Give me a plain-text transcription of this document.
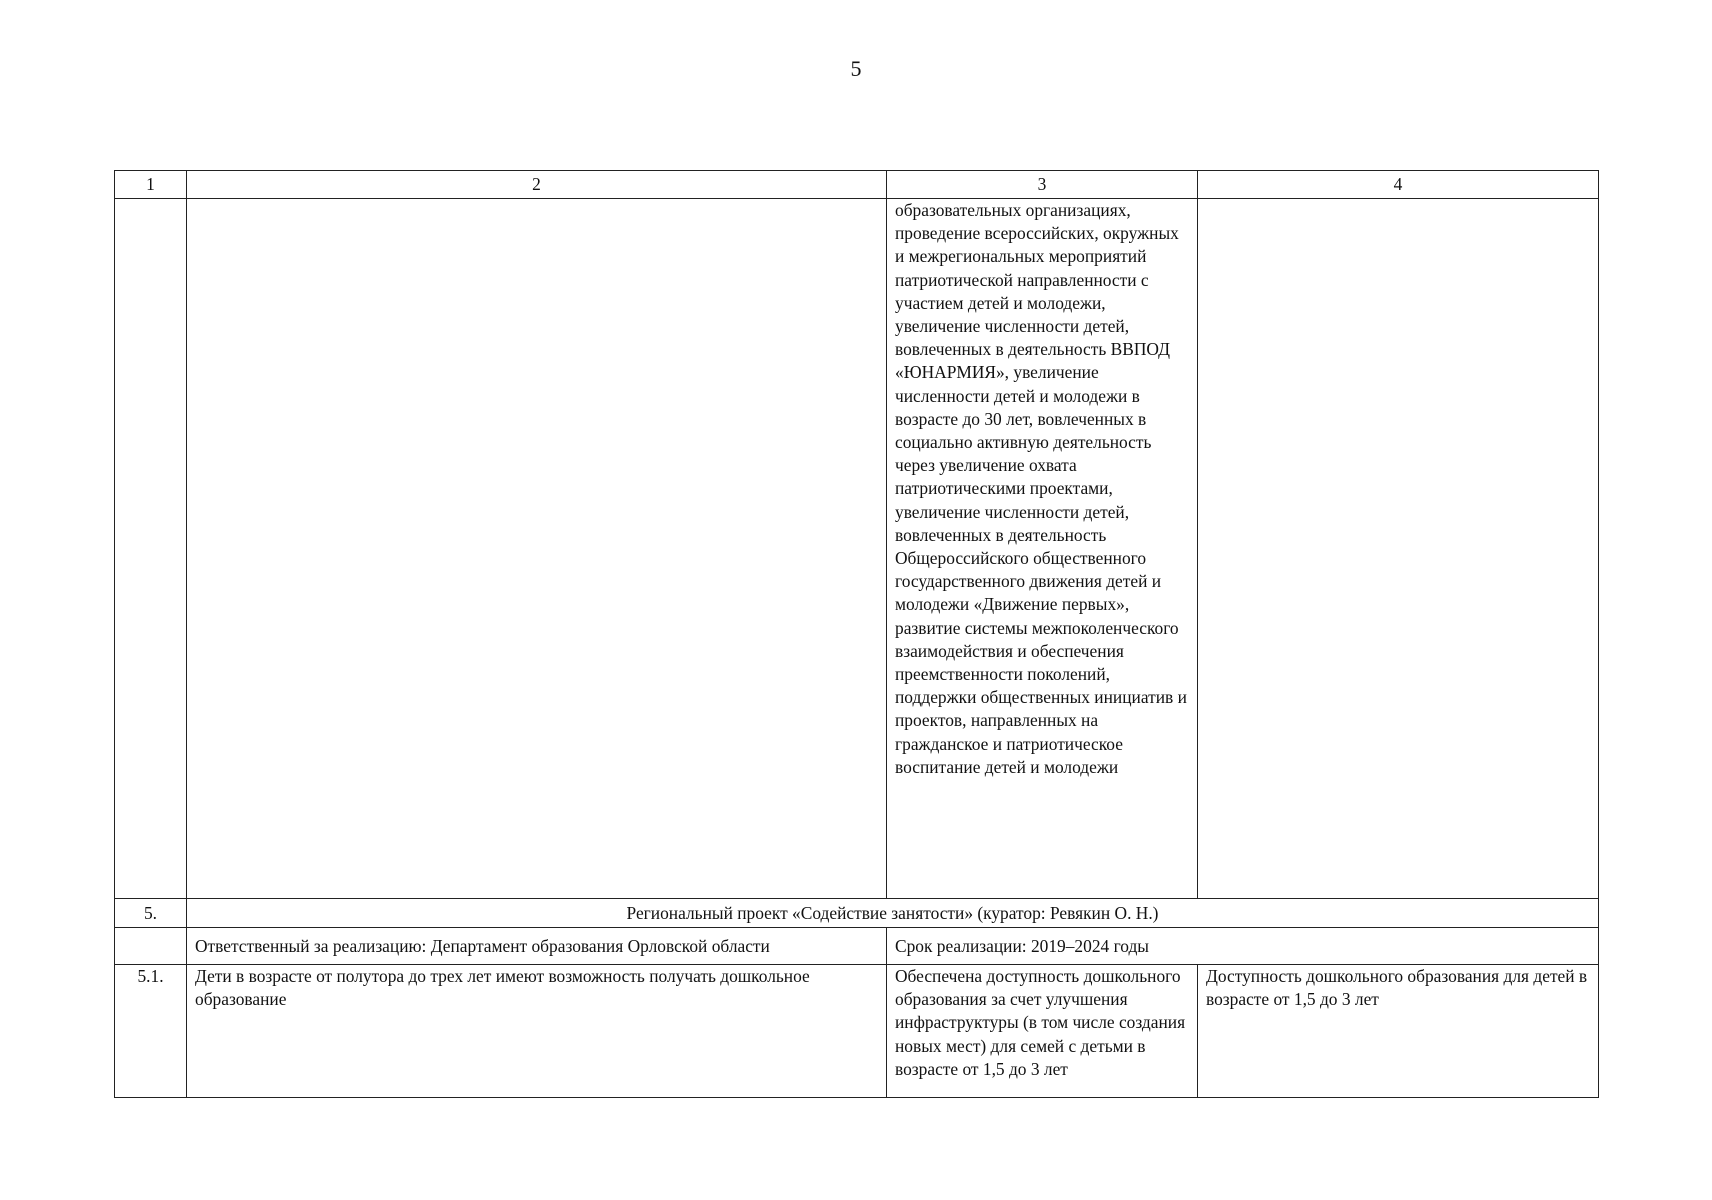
5
1	2	3	4
		образовательных организациях, проведение всероссийских, окружных и межрегиональных мероприятий патриотической направленности с участием детей и молодежи, увеличение численности детей, вовлеченных в деятельность ВВПОД «ЮНАРМИЯ», увеличение численности детей и молодежи в возрасте до 30 лет, вовлеченных в социально активную деятельность через увеличение охвата патриотическими проектами, увеличение численности детей, вовлеченных в деятельность Общероссийского общественного государственного движения детей и молодежи «Движение первых», развитие системы межпоколенческого взаимодействия и обеспечения преемственности поколений, поддержки общественных инициатив и проектов, направленных на гражданское и патриотическое воспитание детей и молодежи	
5.	Региональный проект «Содействие занятости» (куратор: Ревякин О. Н.)		
	Ответственный за реализацию: Департамент образования Орловской области	Срок реализации: 2019–2024 годы	
5.1.	Дети в возрасте от полутора до трех лет имеют возможность получать дошкольное образование	Обеспечена доступность дошкольного образования за счет улучшения инфраструктуры (в том числе создания новых мест) для семей с детьми в возрасте от 1,5 до 3 лет	Доступность дошкольного образования для детей в возрасте от 1,5 до 3 лет
